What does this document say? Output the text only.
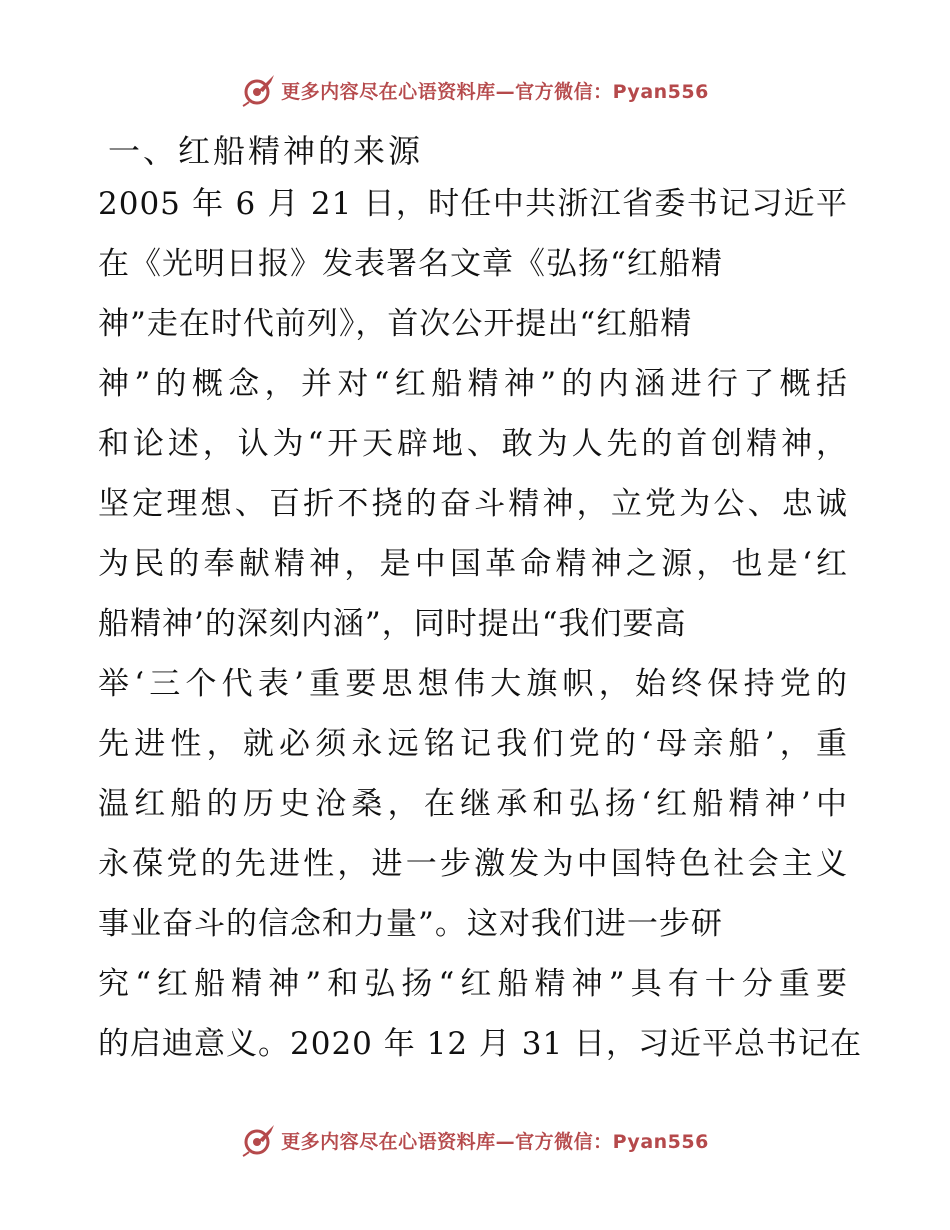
更多内容尽在心语资料库—官方微信：Pyan556
一、红船精神的来源
2005 年 6 月 21 日，时任中共浙江省委书记习近平
在《光明日报》发表署名文章《弘扬“红船精
神”走在时代前列》，首次公开提出“红船精
神”的概念，并对“红船精神”的内涵进行了概括
和论述，认为“开天辟地、敢为人先的首创精神，
坚定理想、百折不挠的奋斗精神，立党为公、忠诚
为民的奉献精神，是中国革命精神之源，也是‘红
船精神’的深刻内涵”，同时提出“我们要高
举‘三个代表’重要思想伟大旗帜，始终保持党的
先进性，就必须永远铭记我们党的‘母亲船’，重
温红船的历史沧桑，在继承和弘扬‘红船精神’中
永葆党的先进性，进一步激发为中国特色社会主义
事业奋斗的信念和力量”。这对我们进一步研
究“红船精神”和弘扬“红船精神”具有十分重要
的启迪意义。2020 年 12 月 31 日，习近平总书记在
更多内容尽在心语资料库—官方微信：Pyan556
